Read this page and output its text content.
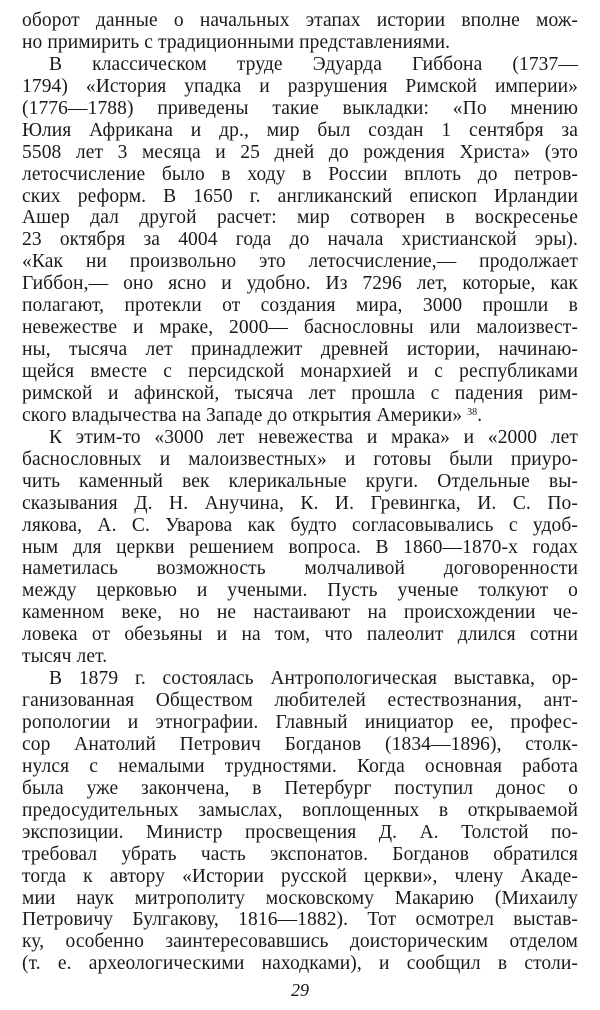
оборот данные о начальных этапах истории вполне мож-
но примирить с традиционными представлениями.
В классическом труде Эдуарда Гиббона (1737—
1794) «История упадка и разрушения Римской империи»
(1776—1788) приведены такие выкладки: «По мнению
Юлия Африкана и др., мир был создан 1 сентября за
5508 лет 3 месяца и 25 дней до рождения Христа» (это
летосчисление было в ходу в России вплоть до петров-
ских реформ. В 1650 г. англиканский епископ Ирландии
Ашер дал другой расчет: мир сотворен в воскресенье
23 октября за 4004 года до начала христианской эры).
«Как ни произвольно это летосчисление,— продолжает
Гиббон,— оно ясно и удобно. Из 7296 лет, которые, как
полагают, протекли от создания мира, 3000 прошли в
невежестве и мраке, 2000— баснословны или малоизвест-
ны, тысяча лет принадлежит древней истории, начинаю-
щейся вместе с персидской монархией и с республиками
римской и афинской, тысяча лет прошла с падения рим-
ского владычества на Западе до открытия Америки» $^{38}$.
К этим-то «3000 лет невежества и мрака» и «2000 лет
баснословных и малоизвестных» и готовы были приуро-
чить каменный век клерикальные круги. Отдельные вы-
сказывания Д. Н. Анучина, К. И. Гревингка, И. С. По-
лякова, А. С. Уварова как будто согласовывались с удоб-
ным для церкви решением вопроса. В 1860—1870-х годах
наметилась возможность молчаливой договоренности
между церковью и учеными. Пусть ученые толкуют о
каменном веке, но не настаивают на происхождении че-
ловека от обезьяны и на том, что палеолит длился сотни
тысяч лет.
В 1879 г. состоялась Антропологическая выставка, ор-
ганизованная Обществом любителей естествознания, ант-
ропологии и этнографии. Главный инициатор ее, профес-
сор Анатолий Петрович Богданов (1834—1896), столк-
нулся с немалыми трудностями. Когда основная работа
была уже закончена, в Петербург поступил донос о
предосудительных замыслах, воплощенных в открываемой
экспозиции. Министр просвещения Д. А. Толстой по-
требовал убрать часть экспонатов. Богданов обратился
тогда к автору «Истории русской церкви», члену Акаде-
мии наук митрополиту московскому Макарию (Михаилу
Петровичу Булгакову, 1816—1882). Тот осмотрел выстав-
ку, особенно заинтересовавшись доисторическим отделом
(т. е. археологическими находками), и сообщил в столи-
29
